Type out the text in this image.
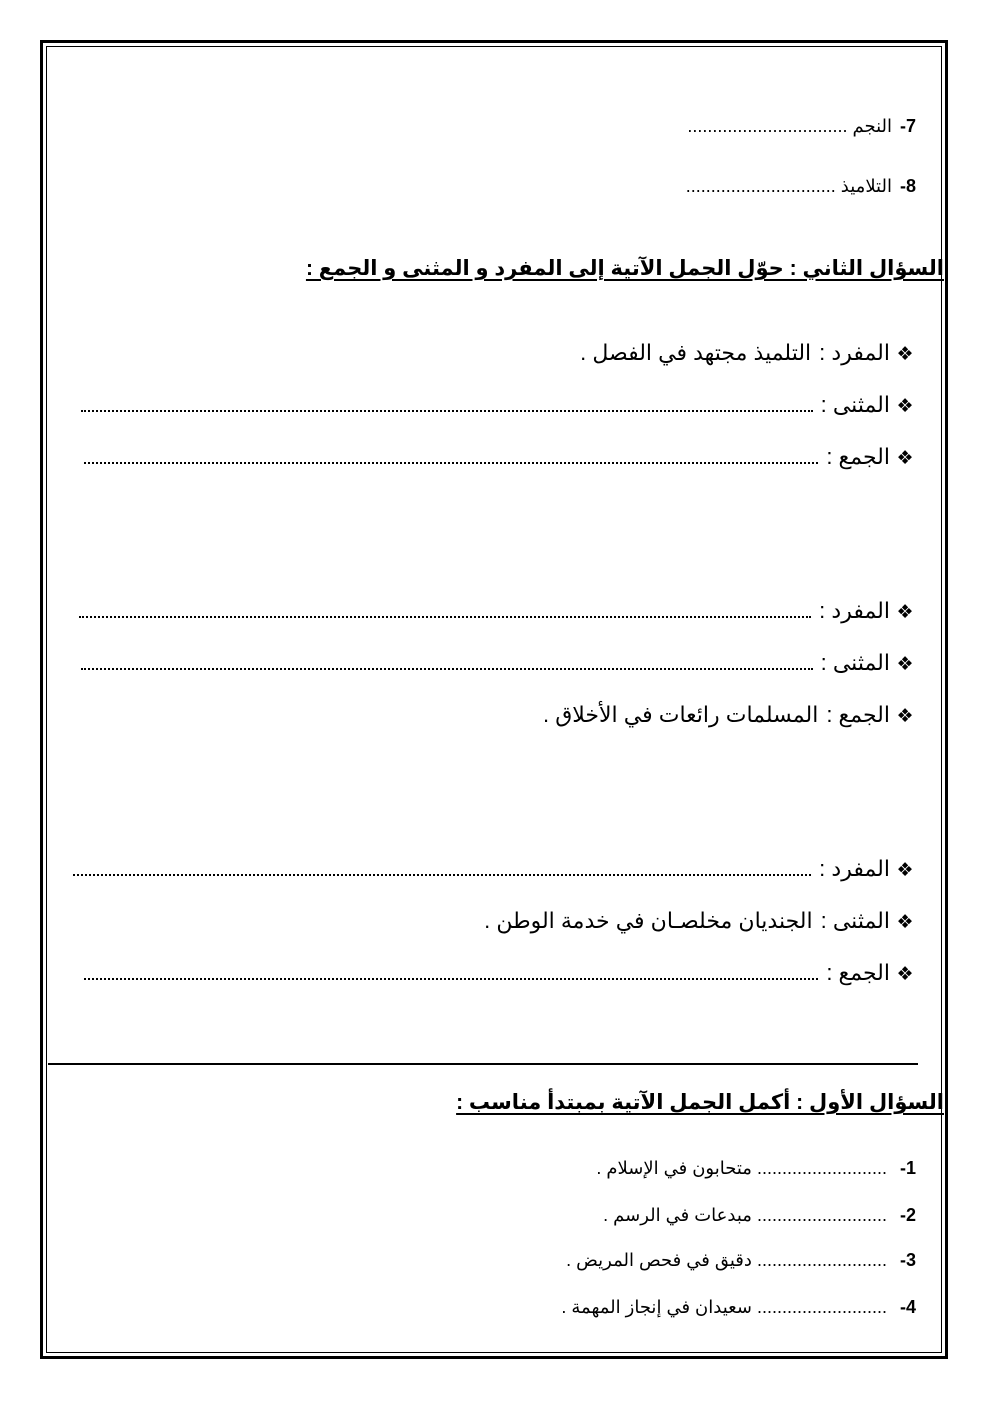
7-النجم ................................
8-التلاميذ ..............................
السؤال الثاني : حوّل الجمل الآتية إلى المفرد و المثنى و الجمع :
❖
المفرد :
التلميذ مجتهد في الفصل .
❖
المثنى :
❖
الجمع :
❖
المفرد :
❖
المثنى :
❖
الجمع :
المسلمات رائعات في الأخلاق .
❖
المفرد :
❖
المثنى :
الجنديان مخلصـان في خدمة الوطن .
❖
الجمع :
السؤال الأول : أكمل الجمل الآتية بمبتدأ مناسب :
1- .......................... متحابون في الإسلام .
2- .......................... مبدعات في الرسم .
3- .......................... دقيق في فحص المريض .
4- .......................... سعيدان في إنجاز المهمة .
